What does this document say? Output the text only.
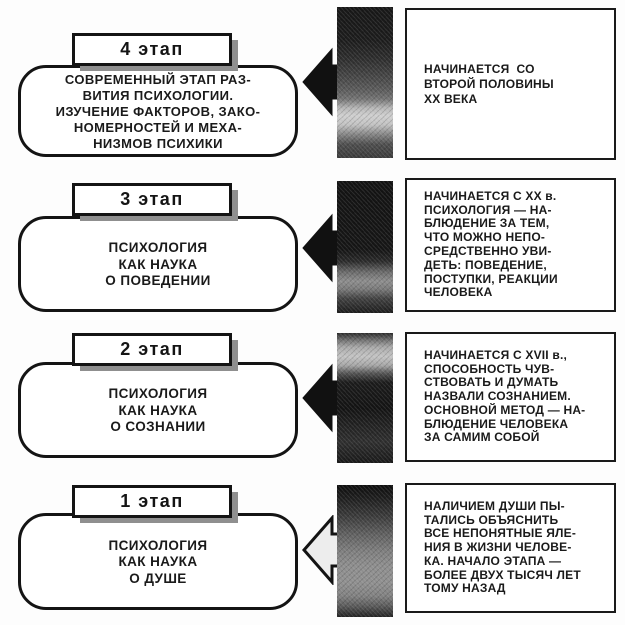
СОВРЕМЕННЫЙ ЭТАП РАЗ-
ВИТИЯ ПСИХОЛОГИИ.
ИЗУЧЕНИЕ ФАКТОРОВ, ЗАКО-
НОМЕРНОСТЕЙ И МЕХА-
НИЗМОВ ПСИХИКИ
4 этап
НАЧИНАЕТСЯ  СО
ВТОРОЙ ПОЛОВИНЫ
XX ВЕКА
ПСИХОЛОГИЯ
КАК НАУКА
О ПОВЕДЕНИИ
3 этап	НАЧИНАЕТСЯ С XX в.
ПСИХОЛОГИЯ — НА-
БЛЮДЕНИЕ ЗА ТЕМ,
ЧТО МОЖНО НЕПО-
СРЕДСТВЕННО УВИ-
ДЕТЬ: ПОВЕДЕНИЕ,
ПОСТУПКИ, РЕАКЦИИ
ЧЕЛОВЕКА
ПСИХОЛОГИЯ
КАК НАУКА
О СОЗНАНИИ
2 этап	НАЧИНАЕТСЯ С XVII в.,
СПОСОБНОСТЬ ЧУВ-
СТВОВАТЬ И ДУМАТЬ
НАЗВАЛИ СОЗНАНИЕМ.
ОСНОВНОЙ МЕТОД — НА-
БЛЮДЕНИЕ ЧЕЛОВЕКА
ЗА САМИМ СОБОЙ
ПСИХОЛОГИЯ
КАК НАУКА
О ДУШЕ
1 этап	НАЛИЧИЕМ ДУШИ ПЫ-
ТАЛИСЬ ОБЪЯСНИТЬ
ВСЕ НЕПОНЯТНЫЕ ЯЛЕ-
НИЯ В ЖИЗНИ ЧЕЛОВЕ-
КА. НАЧАЛО ЭТАПА —
БОЛЕЕ ДВУХ ТЫСЯЧ ЛЕТ
ТОМУ НАЗАД
